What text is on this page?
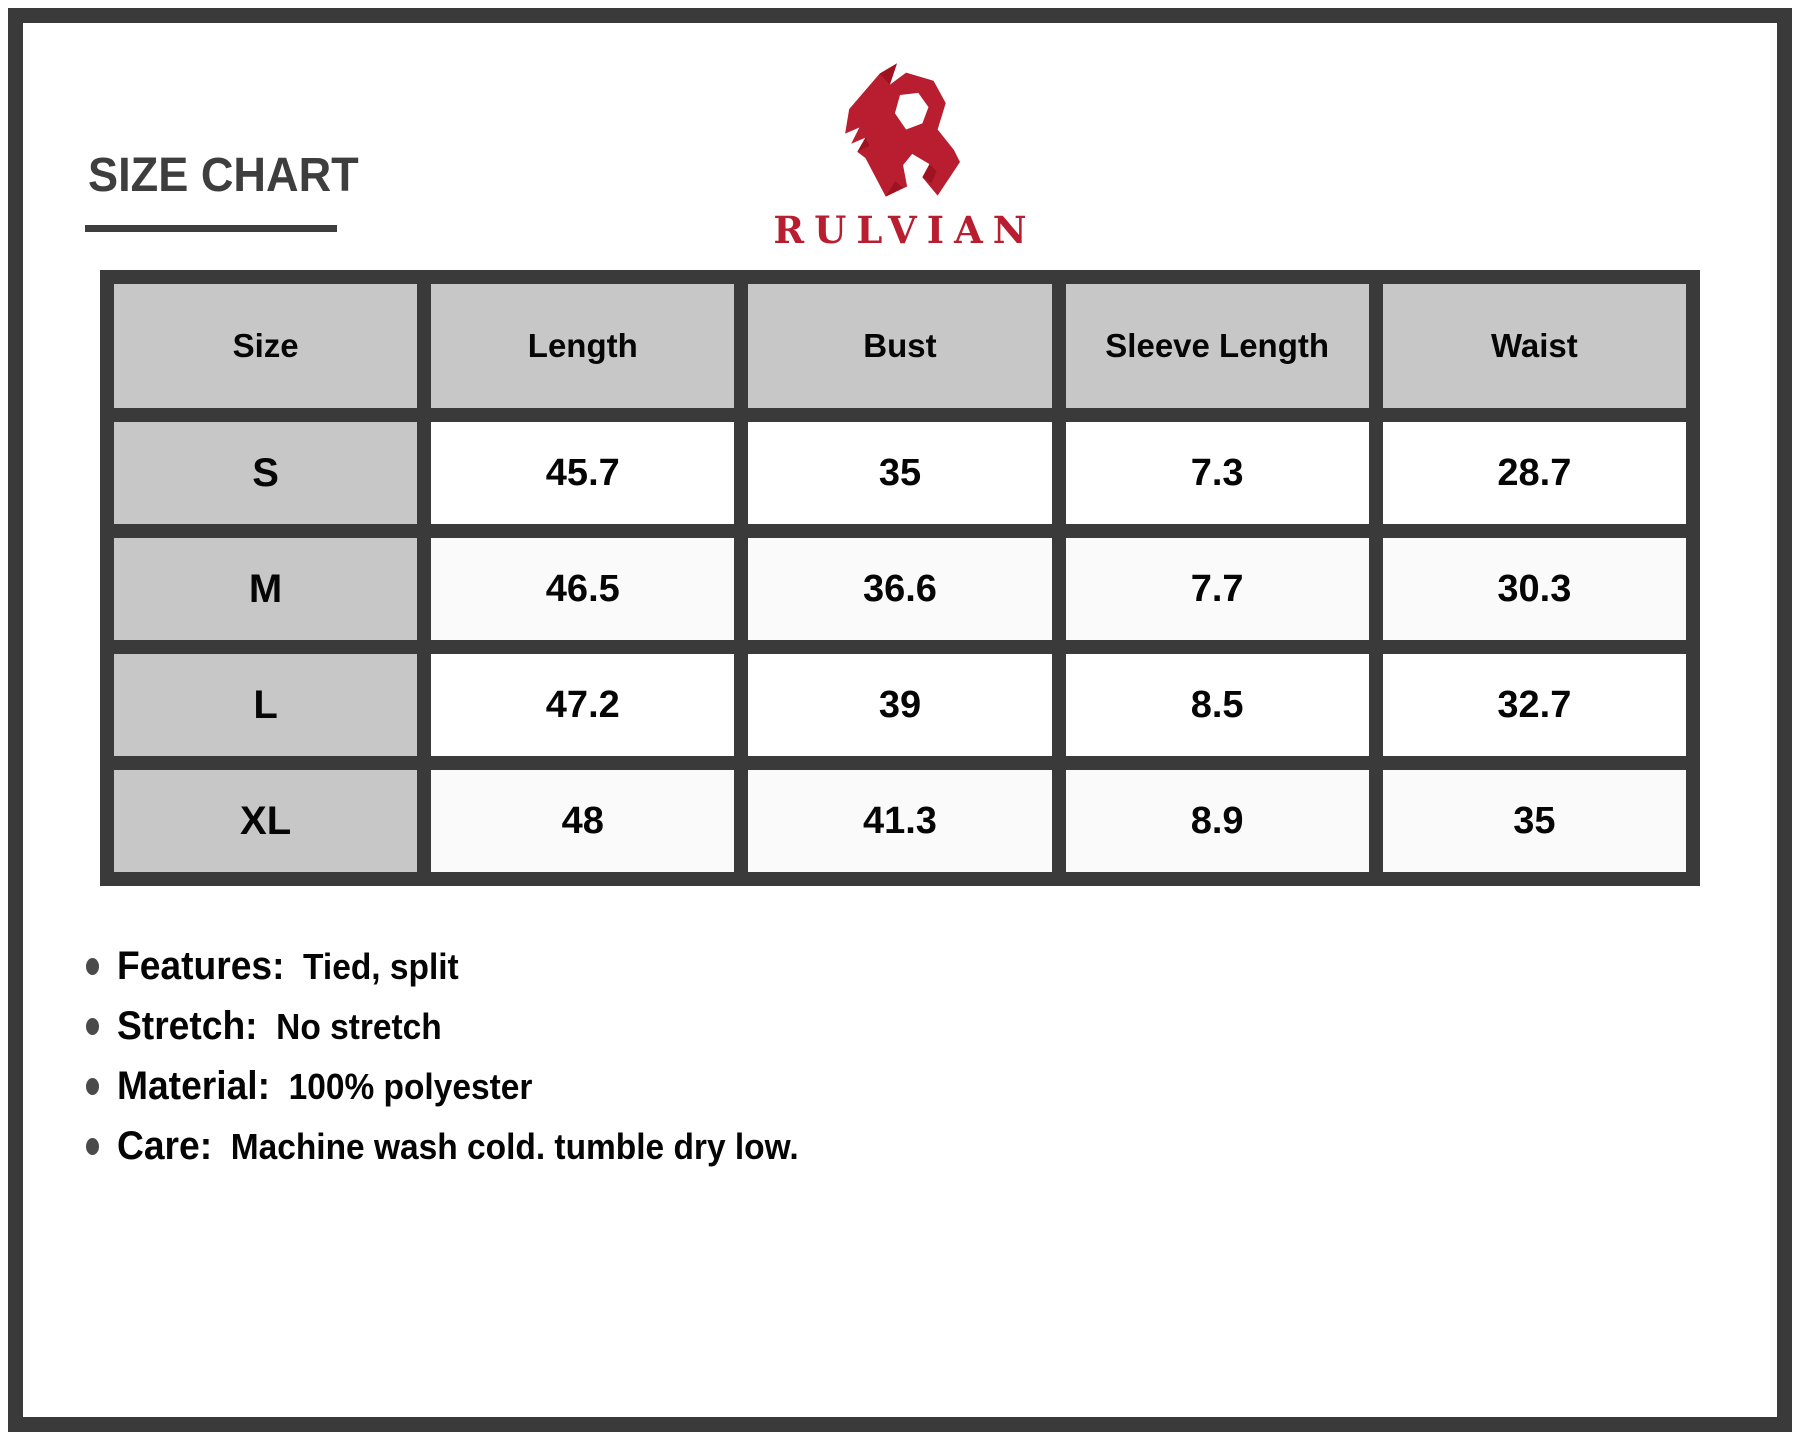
SIZE CHART
RULVIAN
Size	Length	Bust	Sleeve Length	Waist
S	45.7	35	7.3	28.7
M	46.5	36.6	7.7	30.3
L	47.2	39	8.5	32.7
XL	48	41.3	8.9	35
Features: Tied, split
Stretch: No stretch
Material: 100% polyester
Care: Machine wash cold. tumble dry low.
